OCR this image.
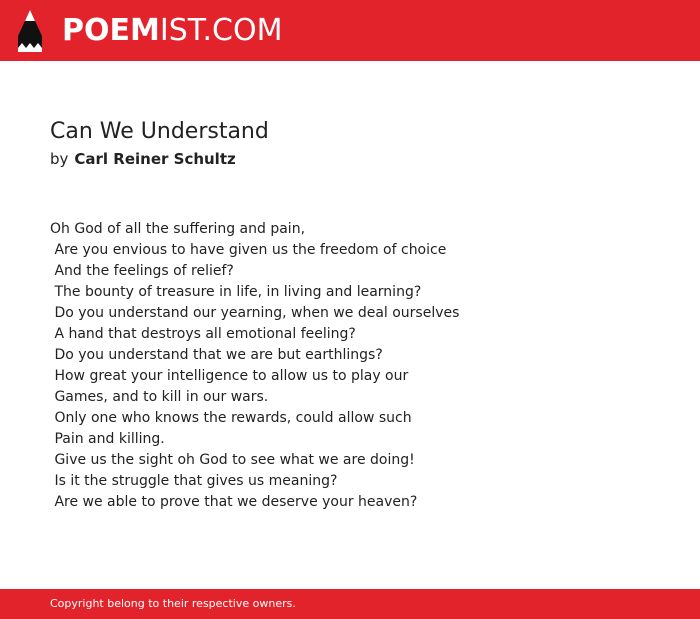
POEMIST.COM
Can We Understand
by Carl Reiner Schultz
Oh God of all the suffering and pain,
Are you envious to have given us the freedom of choice
And the feelings of relief?
The bounty of treasure in life, in living and learning?
Do you understand our yearning, when we deal ourselves
A hand that destroys all emotional feeling?
Do you understand that we are but earthlings?
How great your intelligence to allow us to play our
Games, and to kill in our wars.
Only one who knows the rewards, could allow such
Pain and killing.
Give us the sight oh God to see what we are doing!
Is it the struggle that gives us meaning?
Are we able to prove that we deserve your heaven?
Copyright belong to their respective owners.
